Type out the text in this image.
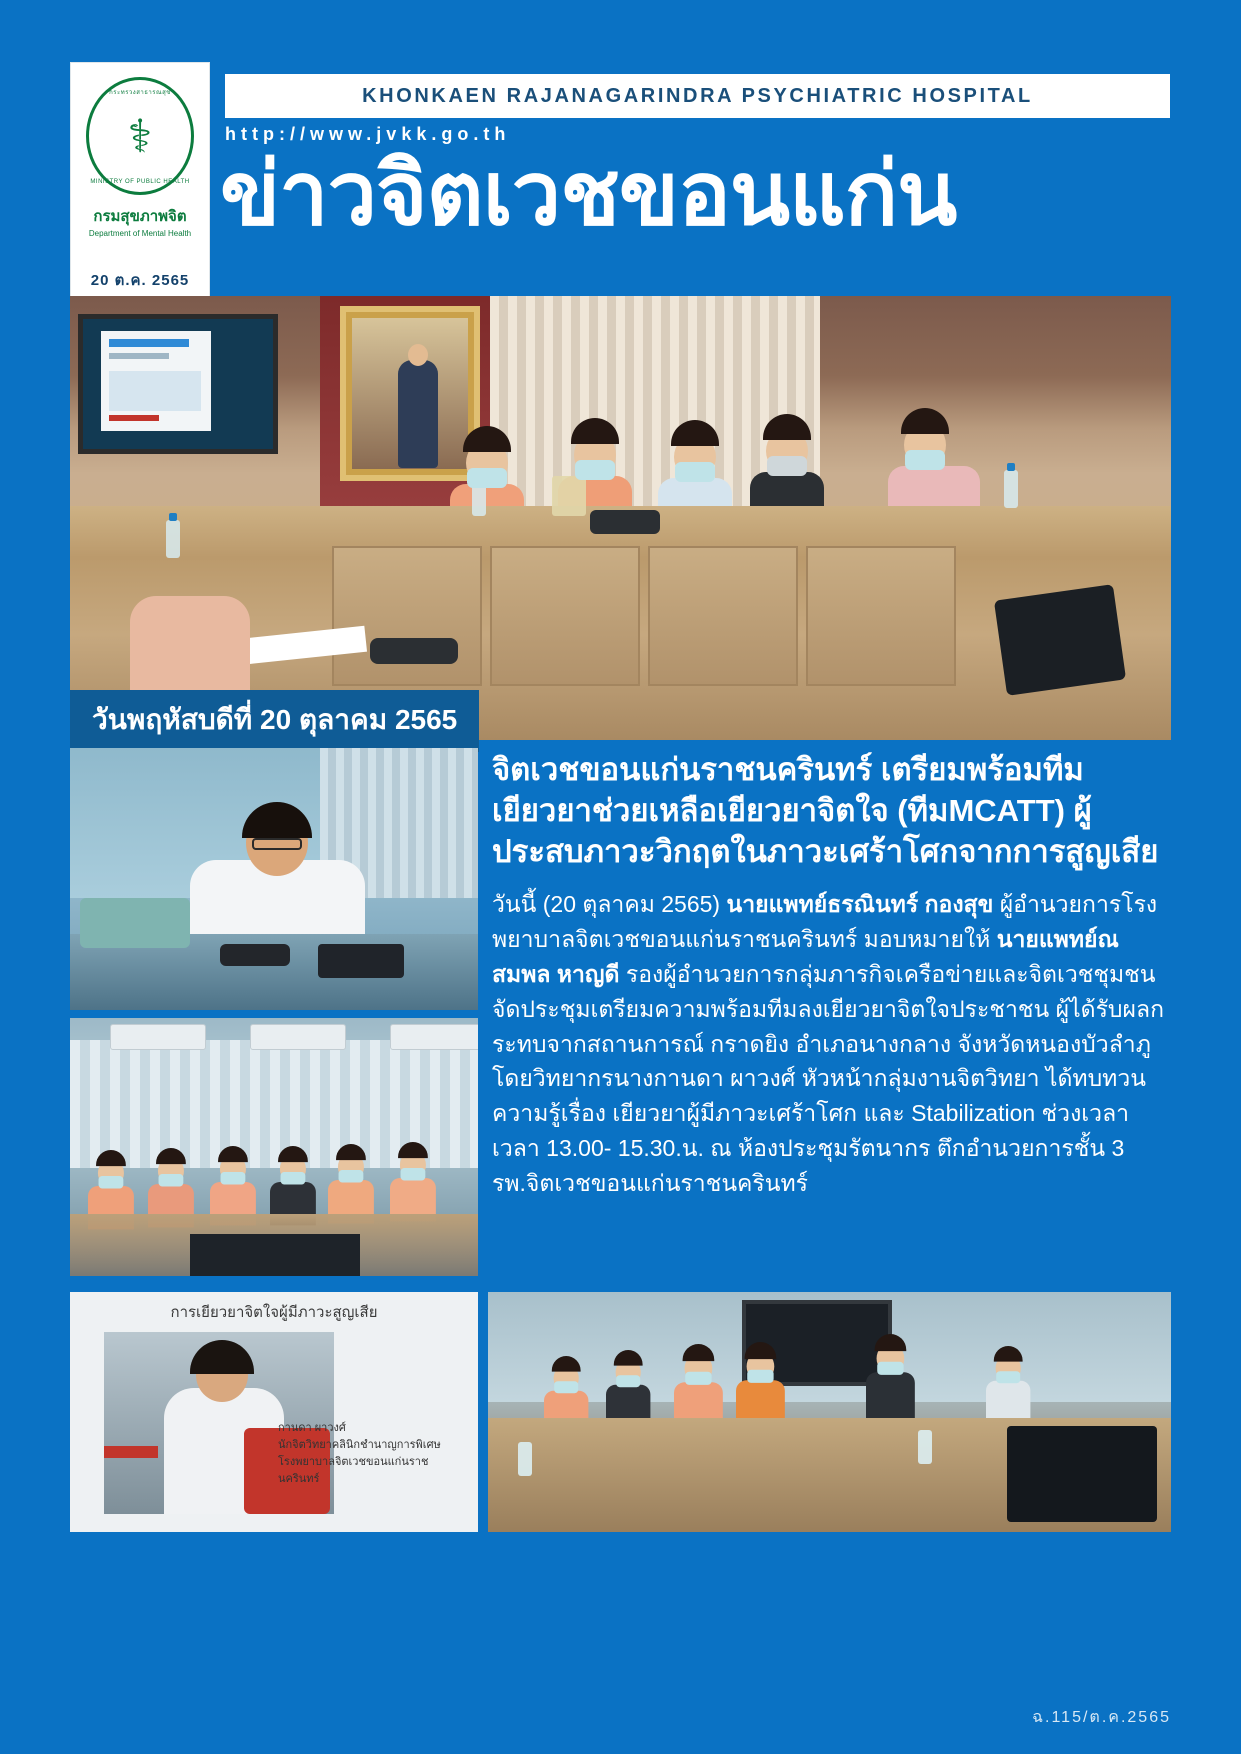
กระทรวงสาธารณสุข
⚕
MINISTRY OF PUBLIC HEALTH
กรมสุขภาพจิต
Department of Mental Health
20 ต.ค. 2565
KHONKAEN RAJANAGARINDRA PSYCHIATRIC HOSPITAL
http://www.jvkk.go.th
ข่าวจิตเวชขอนแก่น
วันพฤหัสบดีที่ 20 ตุลาคม 2565
การเยียวยาจิตใจผู้มีภาวะสูญเสีย
กานดา ผาวงศ์
นักจิตวิทยาคลินิกชำนาญการพิเศษ
โรงพยาบาลจิตเวชขอนแก่นราชนครินทร์
จิตเวชขอนแก่นราชนครินทร์ เตรียมพร้อมทีมเยียวยาช่วยเหลือเยียวยาจิตใจ (ทีมMCATT) ผู้ประสบภาวะวิกฤตในภาวะเศร้าโศกจากการสูญเสีย
วันนี้ (20 ตุลาคม 2565) นายแพทย์ธรณินทร์ กองสุข ผู้อำนวยการโรงพยาบาลจิตเวชขอนแก่นราชนครินทร์ มอบหมายให้ นายแพทย์ณสมพล หาญดี รองผู้อำนวยการกลุ่มภารกิจเครือข่ายและจิตเวชชุมชน จัดประชุมเตรียมความพร้อมทีมลงเยียวยาจิตใจประชาชน ผู้ได้รับผลกระทบจากสถานการณ์ กราดยิง อำเภอนางกลาง จังหวัดหนองบัวลำภู โดยวิทยากรนางกานดา ผาวงศ์ หัวหน้ากลุ่มงานจิตวิทยา ได้ทบทวนความรู้เรื่อง เยียวยาผู้มีภาวะเศร้าโศก และ Stabilization ช่วงเวลาเวลา 13.00- 15.30.น. ณ ห้องประชุมรัตนากร ตึกอำนวยการชั้น 3 รพ.จิตเวชขอนแก่นราชนครินทร์
ฉ.115/ต.ค.2565
